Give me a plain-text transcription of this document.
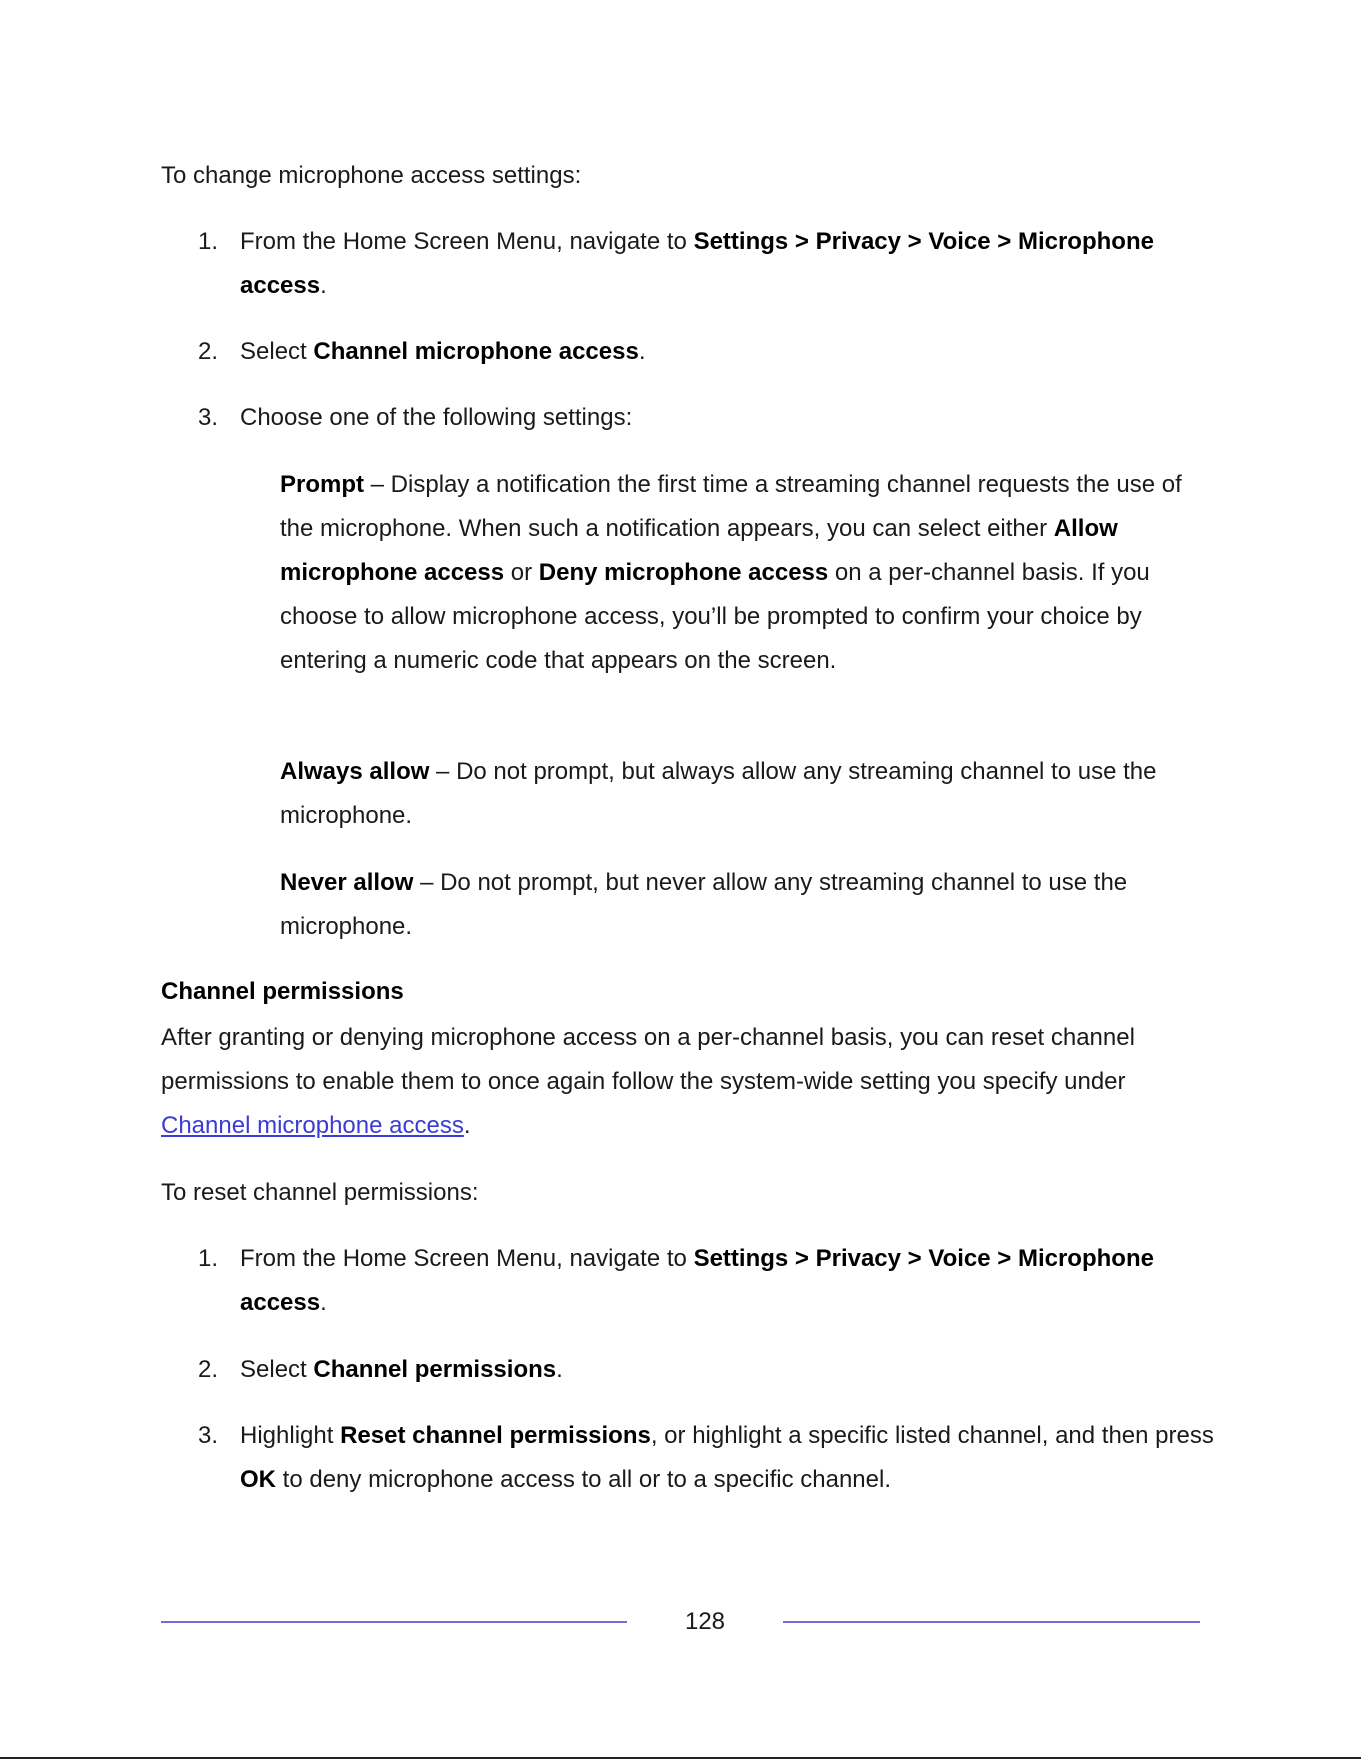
To change microphone access settings:

1. From the Home Screen Menu, navigate to Settings > Privacy > Voice > Microphone access.

2. Select Channel microphone access.

3. Choose one of the following settings:

Prompt – Display a notification the first time a streaming channel requests the use of the microphone. When such a notification appears, you can select either Allow microphone access or Deny microphone access on a per-channel basis. If you choose to allow microphone access, you’ll be prompted to confirm your choice by entering a numeric code that appears on the screen.

Always allow – Do not prompt, but always allow any streaming channel to use the microphone.

Never allow – Do not prompt, but never allow any streaming channel to use the microphone.

Channel permissions

After granting or denying microphone access on a per-channel basis, you can reset channel permissions to enable them to once again follow the system-wide setting you specify under Channel microphone access.

To reset channel permissions:

1. From the Home Screen Menu, navigate to Settings > Privacy > Voice > Microphone access.

2. Select Channel permissions.

3. Highlight Reset channel permissions, or highlight a specific listed channel, and then press OK to deny microphone access to all or to a specific channel.

128
